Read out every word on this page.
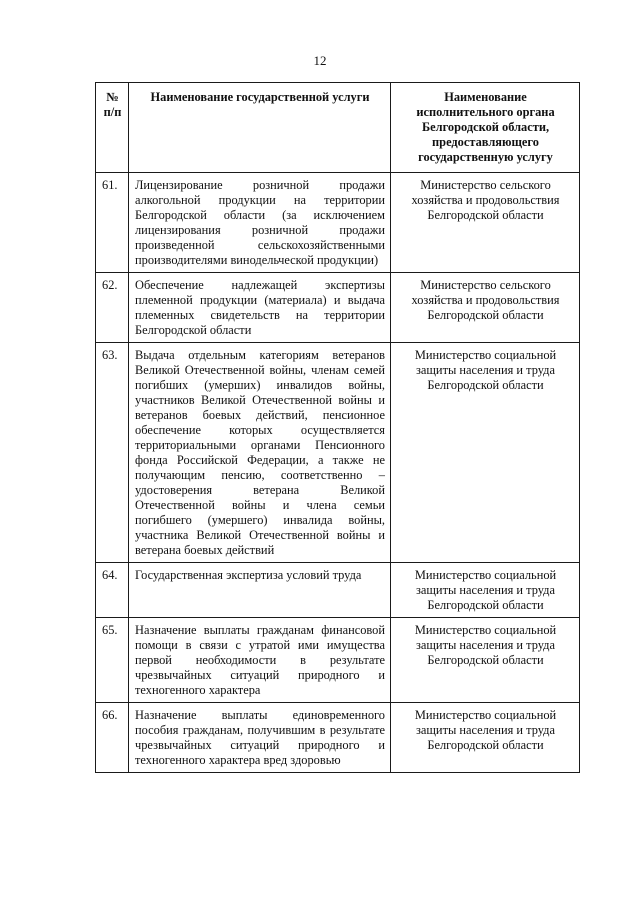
12
№ п/п	Наименование государственной услуги	Наименование исполнительного органа Белгородской области, предоставляющего государственную услугу
61.	Лицензирование розничной продажи алкогольной продукции на территории Белгородской области (за исключением лицензирования розничной продажи произведенной сельскохозяйственными производителями винодельческой продукции)	Министерство сельского хозяйства и продовольствия Белгородской области
62.	Обеспечение надлежащей экспертизы племенной продукции (материала) и выдача племенных свидетельств на территории Белгородской области	Министерство сельского хозяйства и продовольствия Белгородской области
63.	Выдача отдельным категориям ветеранов Великой Отечественной войны, членам семей погибших (умерших) инвалидов войны, участников Великой Отечественной войны и ветеранов боевых действий, пенсионное обеспечение которых осуществляется территориальными органами Пенсионного фонда Российской Федерации, а также не получающим пенсию, соответственно – удостоверения ветерана Великой Отечественной войны и члена семьи погибшего (умершего) инвалида войны, участника Великой Отечественной войны и ветерана боевых действий	Министерство социальной защиты населения и труда Белгородской области
64.	Государственная экспертиза условий труда	Министерство социальной защиты населения и труда Белгородской области
65.	Назначение выплаты гражданам финансовой помощи в связи с утратой ими имущества первой необходимости в результате чрезвычайных ситуаций природного и техногенного характера	Министерство социальной защиты населения и труда Белгородской области
66.	Назначение выплаты единовременного пособия гражданам, получившим в результате чрезвычайных ситуаций природного и техногенного характера вред здоровью	Министерство социальной защиты населения и труда Белгородской области
